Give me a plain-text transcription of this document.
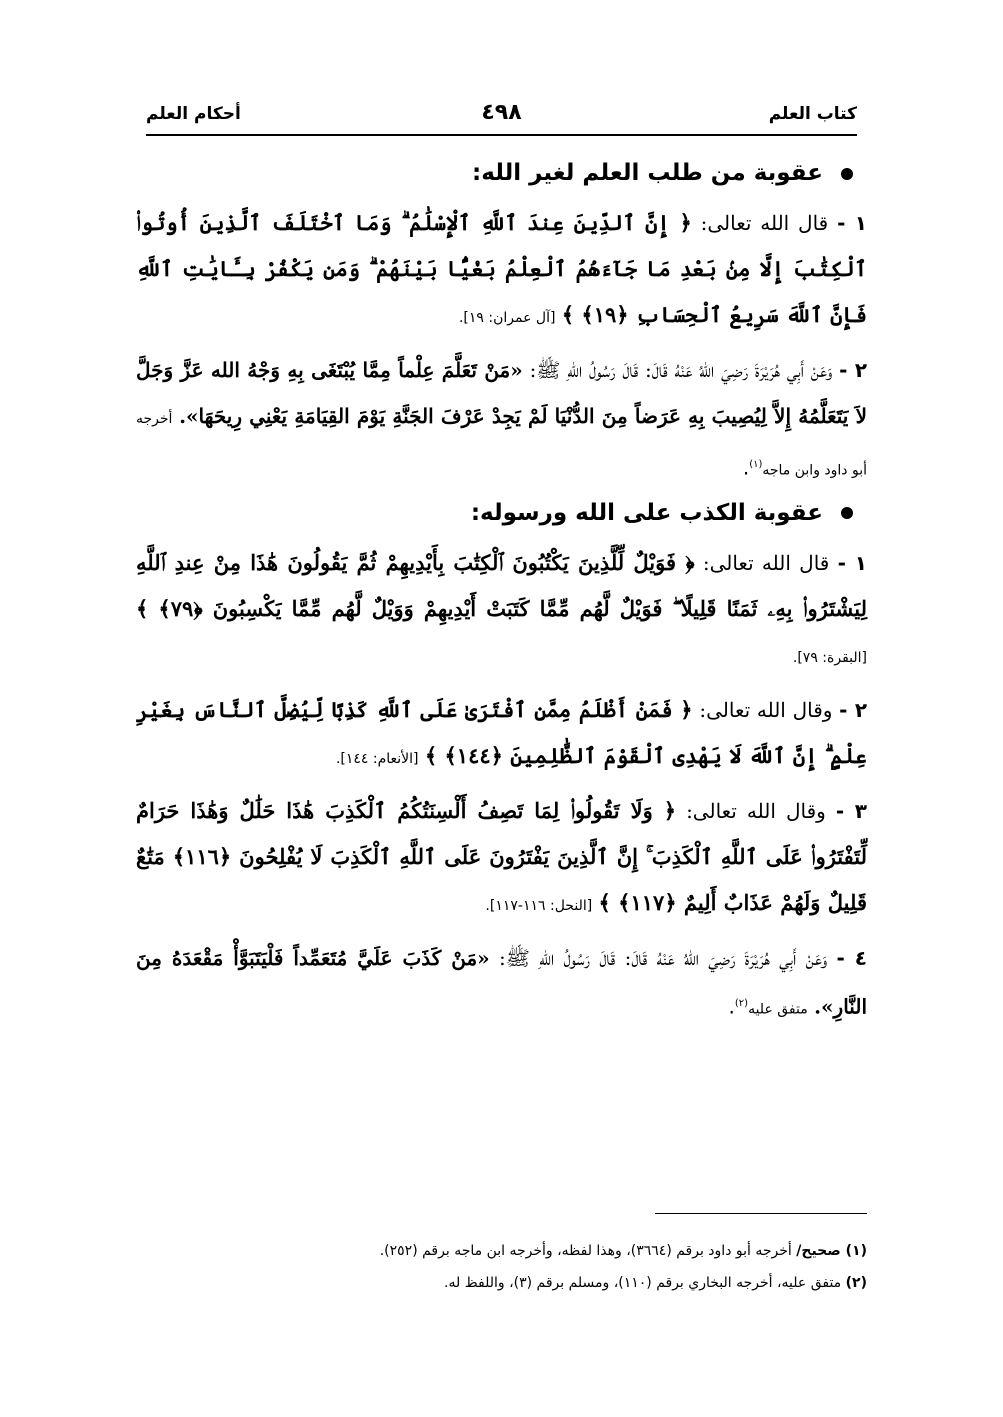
كتاب العلم
٤٩٨
أحكام العلم
عقوبة من طلب العلم لغير الله:

١ - قال الله تعالى: ﴿ إِنَّ ٱلدِّينَ عِندَ ٱللَّهِ ٱلْإِسْلَٰمُ ۗ وَمَا ٱخْتَلَفَ ٱلَّذِينَ أُوتُوا۟ ٱلْكِتَٰبَ إِلَّا مِنۢ بَعْدِ مَا جَآءَهُمُ ٱلْعِلْمُ بَغْيًۢا بَيْنَهُمْ ۗ وَمَن يَكْفُرْ بِـَٔايَٰتِ ٱللَّهِ فَإِنَّ ٱللَّهَ سَرِيعُ ٱلْحِسَابِ ﴿١٩﴾ ﴾ [آل عمران: ١٩].

٢ - وَعَنْ أَبِي هُرَيْرَةَ رَضِيَ اللهُ عَنْهُ قَالَ: قَالَ رَسُولُ اللهِ ﷺ: «مَنْ تَعَلَّمَ عِلْماً مِمَّا يُبْتَغَى بِهِ وَجْهُ الله عَزَّ وَجَلَّ لاَ يَتَعَلَّمُهُ إِلاَّ لِيُصِيبَ بِهِ عَرَضاً مِنَ الدُّنْيَا لَمْ يَجِدْ عَرْفَ الجَنَّةِ يَوْمَ القِيَامَةِ يَعْنِي رِيحَهَا». أخرجه أبو داود وابن ماجه$^{(١)}$.

عقوبة الكذب على الله ورسوله:

١ - قال الله تعالى: ﴿ فَوَيْلٌ لِّلَّذِينَ يَكْتُبُونَ ٱلْكِتَٰبَ بِأَيْدِيهِمْ ثُمَّ يَقُولُونَ هَٰذَا مِنْ عِندِ ٱللَّهِ لِيَشْتَرُوا۟ بِهِۦ ثَمَنًا قَلِيلًا ۖ فَوَيْلٌ لَّهُم مِّمَّا كَتَبَتْ أَيْدِيهِمْ وَوَيْلٌ لَّهُم مِّمَّا يَكْسِبُونَ ﴿٧٩﴾ ﴾ [البقرة: ٧٩].

٢ - وقال الله تعالى: ﴿ فَمَنْ أَظْلَمُ مِمَّنِ ٱفْتَرَىٰ عَلَى ٱللَّهِ كَذِبًا لِّيُضِلَّ ٱلنَّاسَ بِغَيْرِ عِلْمٍ ۗ إِنَّ ٱللَّهَ لَا يَهْدِى ٱلْقَوْمَ ٱلظَّٰلِمِينَ ﴿١٤٤﴾ ﴾ [الأنعام: ١٤٤].

٣ - وقال الله تعالى: ﴿ وَلَا تَقُولُوا۟ لِمَا تَصِفُ أَلْسِنَتُكُمُ ٱلْكَذِبَ هَٰذَا حَلَٰلٌ وَهَٰذَا حَرَامٌ لِّتَفْتَرُوا۟ عَلَى ٱللَّهِ ٱلْكَذِبَ ۚ إِنَّ ٱلَّذِينَ يَفْتَرُونَ عَلَى ٱللَّهِ ٱلْكَذِبَ لَا يُفْلِحُونَ ﴿١١٦﴾ مَتَٰعٌ قَلِيلٌ وَلَهُمْ عَذَابٌ أَلِيمٌ ﴿١١٧﴾ ﴾ [النحل: ١١٦-١١٧].

٤ - وَعَنْ أَبِي هُرَيْرَةَ رَضِيَ اللهُ عَنْهُ قَالَ: قَالَ رَسُولُ اللهِ ﷺ: «مَنْ كَذَبَ عَلَيَّ مُتَعَمِّداً فَلْيَتَبَوَّأْ مَقْعَدَهُ مِنَ النَّارِ». متفق عليه$^{(٢)}$.

(١) صحيح/ أخرجه أبو داود برقم (٣٦٦٤)، وهذا لفظه، وأخرجه ابن ماجه برقم (٢٥٢).
(٢) متفق عليه، أخرجه البخاري برقم (١١٠)، ومسلم برقم (٣)، واللفظ له.
